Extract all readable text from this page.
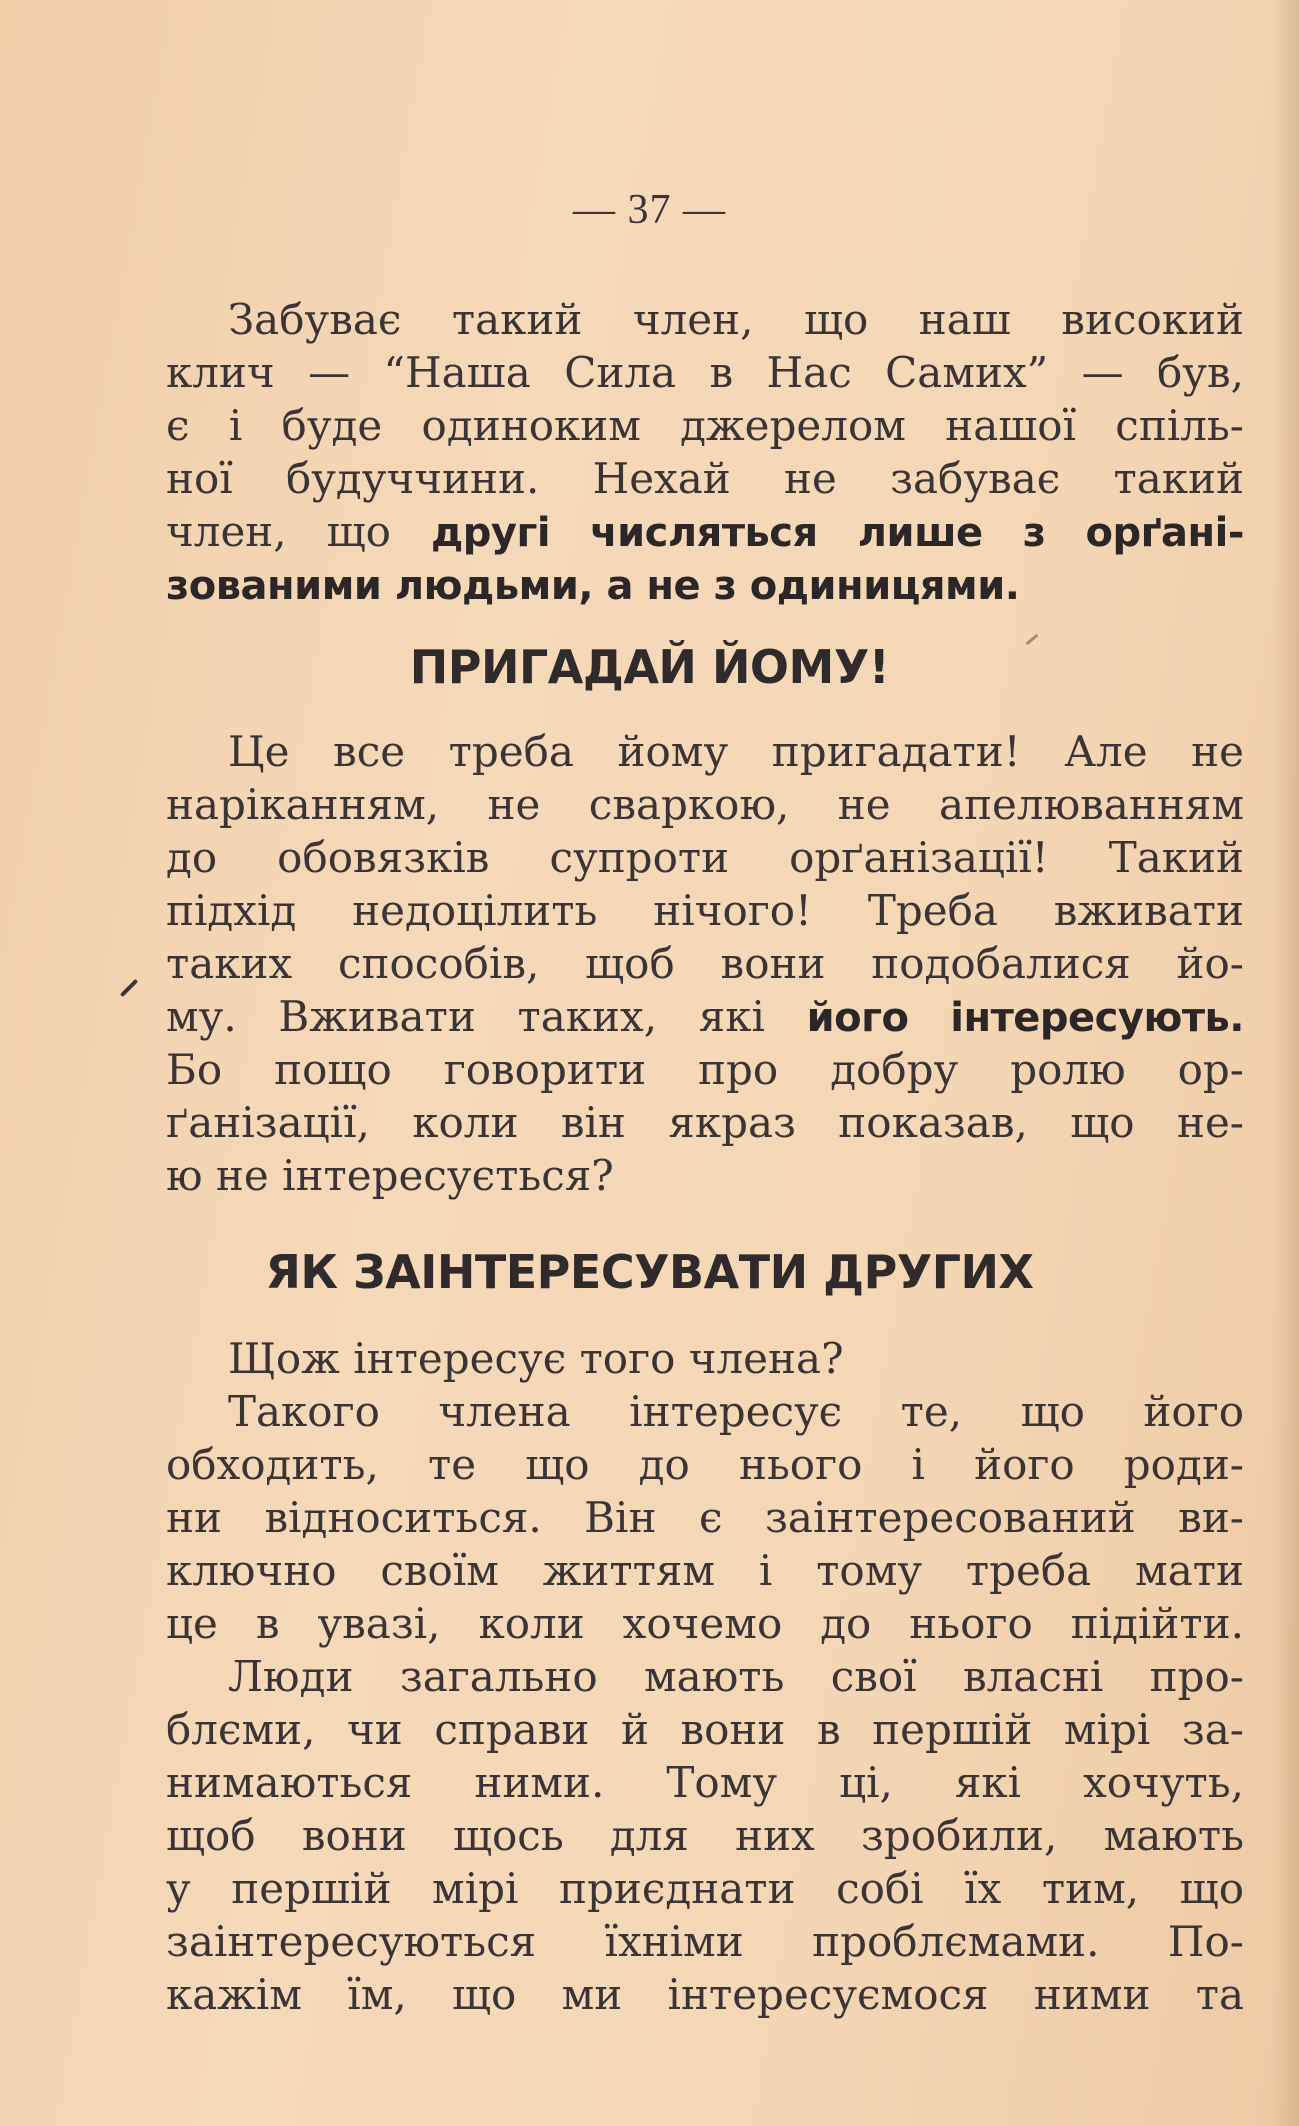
— 37 —
Забуває такий член, що наш високий
клич — “Наша Сила в Нас Самих” — був,
є і буде одиноким джерелом нашої спіль-
ної будуччини. Нехай не забуває такий
член, що другі числяться лише з орґані-
зованими людьми, а не з одиницями.
ПРИГАДАЙ ЙОМУ!
Це все треба йому пригадати! Але не
наріканням, не сваркою, не апелюванням
до обовязків супроти орґанізації! Такий
підхід недоцілить нічого! Треба вживати
таких способів, щоб вони подобалися йо-
му. Вживати таких, які його інтересують.
Бо пощо говорити про добру ролю ор-
ґанізації, коли він якраз показав, що не-
ю не інтересується?
ЯК ЗАІНТЕРЕСУВАТИ ДРУГИХ
Щож інтересує того члена?
Такого члена інтересує те, що його
обходить, те що до нього і його роди-
ни відноситься. Він є заінтересований ви-
ключно своїм життям і тому треба мати
це в увазі, коли хочемо до нього підійти.
Люди загально мають свої власні про-
блєми, чи справи й вони в першій мірі за-
нимаються ними. Тому ці, які хочуть,
щоб вони щось для них зробили, мають
у першій мірі приєднати собі їх тим, що
заінтересуються їхніми проблємами. По-
кажім їм, що ми інтересуємося ними та
